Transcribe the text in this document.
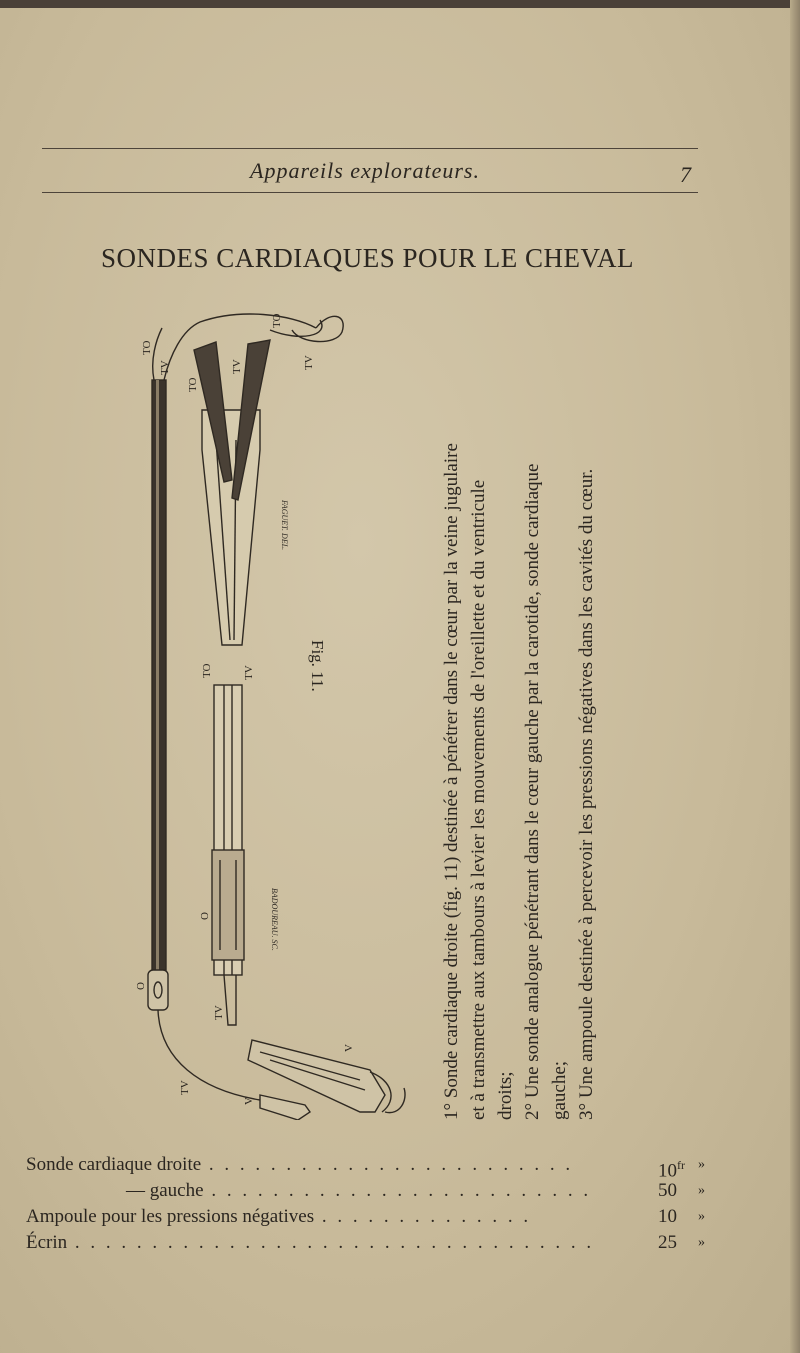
Appareils explorateurs.	7
SONDES CARDIAQUES POUR LE CHEVAL
TO
TV
TO
TV
TO
TV
TO	TV
O
TV
O
TV
V
V
FAGUET. DEL.
BADOUREAU. SC.
Fig. 11.	1° Sonde cardiaque droite (fig. 11) destinée à pénétrer dans le cœur par la veine jugulaire et à transmettre aux tambours à levier les mouvements de l'oreillette et du ventricule droits; 2° Une sonde analogue pénétrant dans le cœur gauche par la carotide, sonde cardiaque gauche; 3° Une ampoule destinée à percevoir les pressions négatives dans les cavités du cœur.

Sonde cardiaque droite . . . . . . . . . . . . . . . . . . . . . . . .	$10^{fr}$ »
— gauche . . . . . . . . . . . . . . . . . . . . . . . . .	50 »
Ampoule pour les pressions négatives . . . . . . . . . . . . . .	10 »
Écrin . . . . . . . . . . . . . . . . . . . . . . . . . . . . . . . . . .	25 »
